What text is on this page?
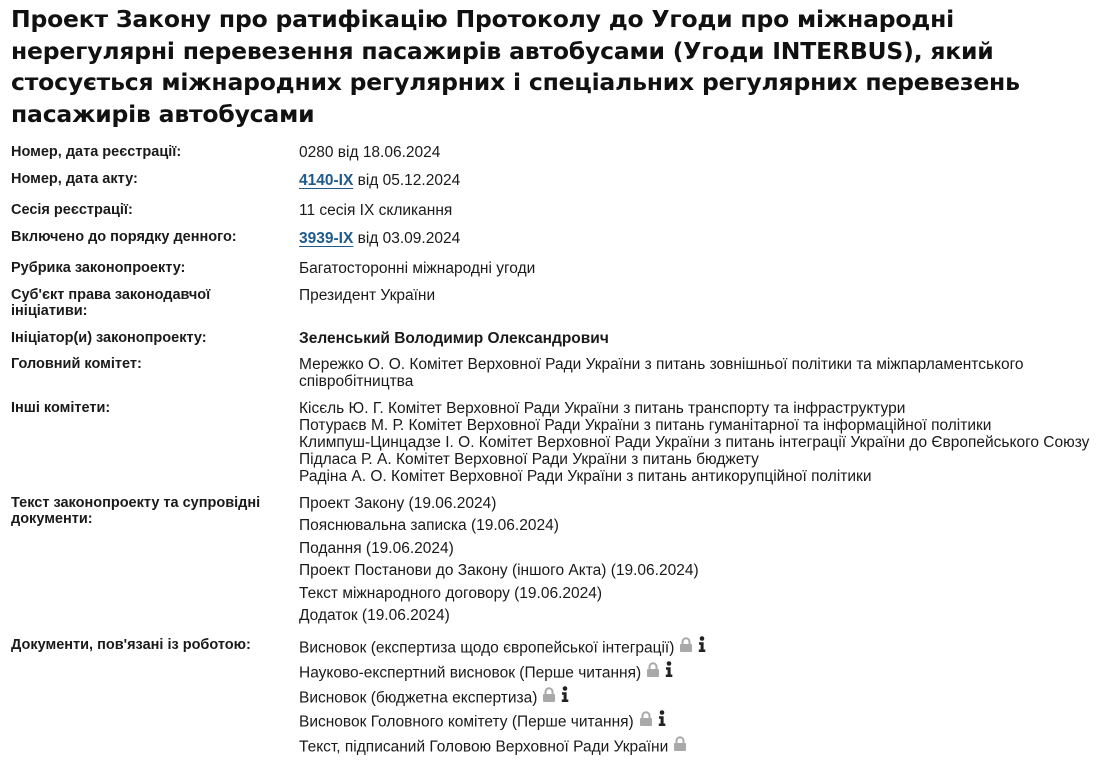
Проект Закону про ратифікацію Протоколу до Угоди про міжнародні нерегулярні перевезення пасажирів автобусами (Угоди INTERBUS), який стосується міжнародних регулярних і спеціальних регулярних перевезень пасажирів автобусами
Номер, дата реєстрації:	0280 від 18.06.2024
Номер, дата акту:	4140-IX від 05.12.2024
Сесія реєстрації:	11 сесія IX скликання
Включено до порядку денного:	3939-IX від 03.09.2024
Рубрика законопроекту:	Багатосторонні міжнародні угоди
Суб'єкт права законодавчої ініціативи:
Президент України
Ініціатор(и) законопроекту:	Зеленський Володимир Олександрович
Головний комітет:	Мережко О. О. Комітет Верховної Ради України з питань зовнішньої політики та міжпарламентського співробітництва
Інші комітети:	Кісєль Ю. Г. Комітет Верховної Ради України з питань транспорту та інфраструктури
Потураєв М. Р. Комітет Верховної Ради України з питань гуманітарної та інформаційної політики
Климпуш-Цинцадзе І. О. Комітет Верховної Ради України з питань інтеграції України до Європейського Союзу
Підласа Р. А. Комітет Верховної Ради України з питань бюджету
Радіна А. О. Комітет Верховної Ради України з питань антикорупційної політики
Текст законопроекту та супровідні документи:
Проект Закону (19.06.2024)
Пояснювальна записка (19.06.2024)
Подання (19.06.2024)
Проект Постанови до Закону (іншого Акта) (19.06.2024)
Текст міжнародного договору (19.06.2024)
Додаток (19.06.2024)
Документи, пов'язані із роботою:	Висновок (експертиза щодо європейської інтеграції)
Науково-експертний висновок (Перше читання)
Висновок (бюджетна експертиза)
Висновок Головного комітету (Перше читання)
Текст, підписаний Головою Верховної Ради України
